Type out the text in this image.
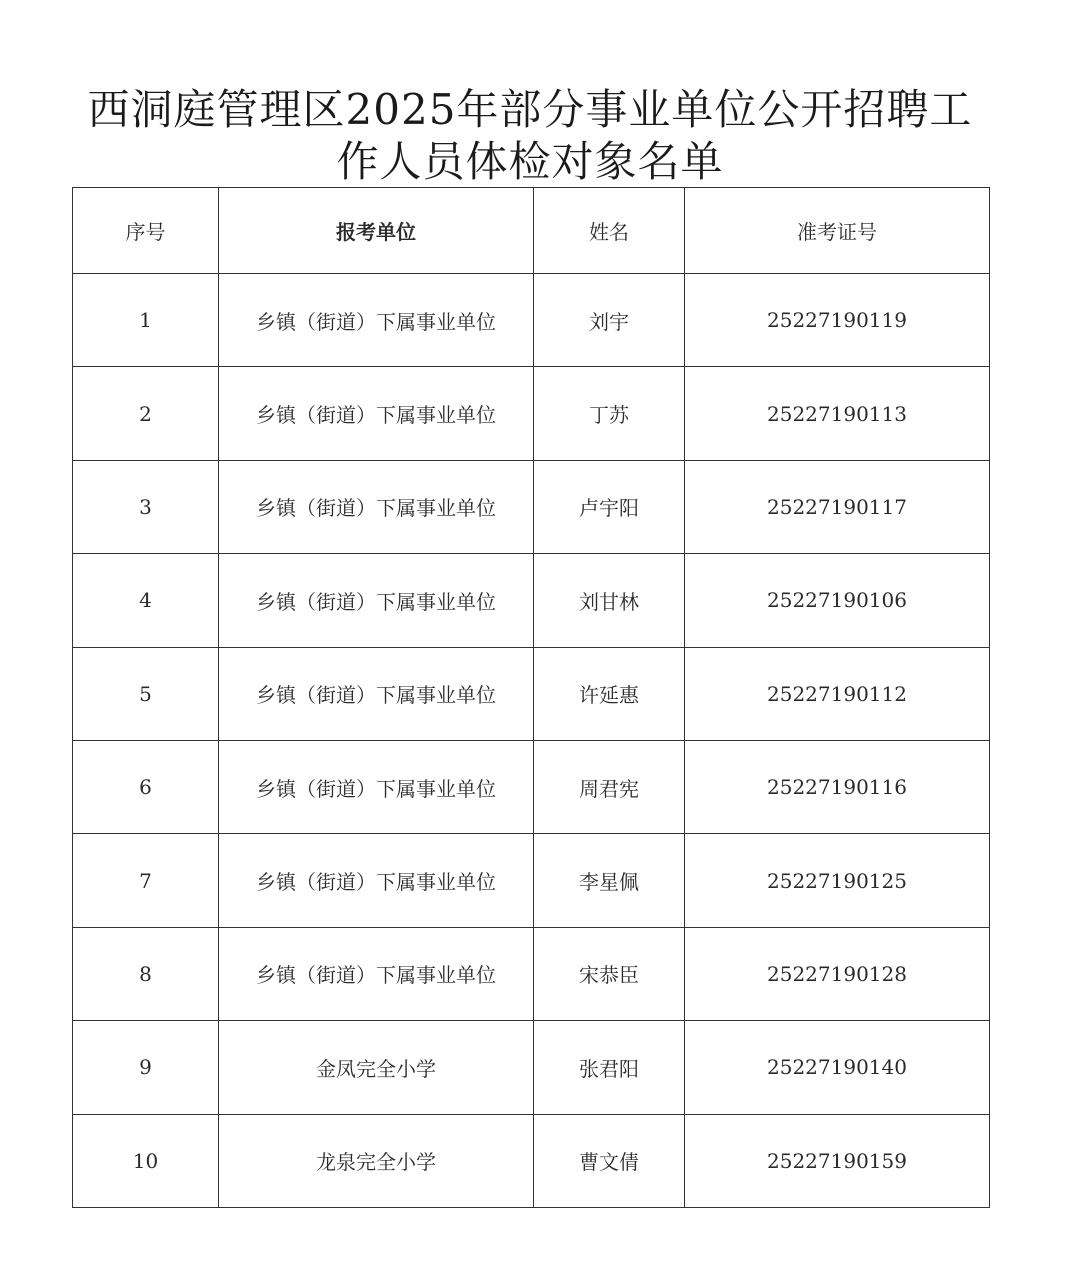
西洞庭管理区2025年部分事业单位公开招聘工
作人员体检对象名单
序号	报考单位	姓名	准考证号
1	乡镇（街道）下属事业单位	刘宇	25227190119
2	乡镇（街道）下属事业单位	丁苏	25227190113
3	乡镇（街道）下属事业单位	卢宇阳	25227190117
4	乡镇（街道）下属事业单位	刘甘林	25227190106
5	乡镇（街道）下属事业单位	许延惠	25227190112
6	乡镇（街道）下属事业单位	周君宪	25227190116
7	乡镇（街道）下属事业单位	李星佩	25227190125
8	乡镇（街道）下属事业单位	宋恭臣	25227190128
9	金凤完全小学	张君阳	25227190140
10	龙泉完全小学	曹文倩	25227190159
